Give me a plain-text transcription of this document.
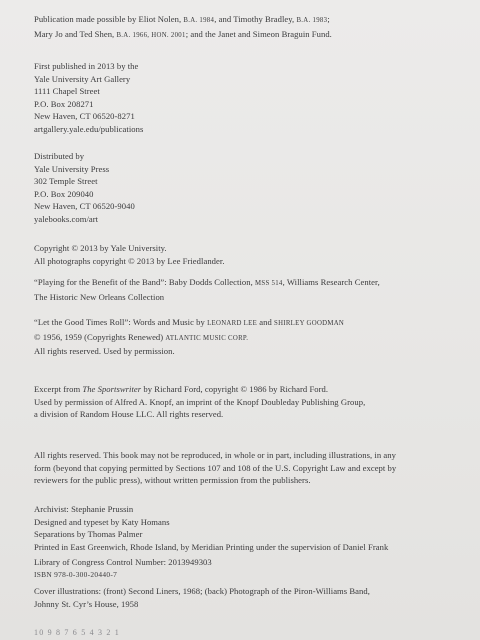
Publication made possible by Eliot Nolen, B.A. 1984, and Timothy Bradley, B.A. 1983;

Mary Jo and Ted Shen, B.A. 1966, HON. 2001; and the Janet and Simeon Braguin Fund.

First published in 2013 by the

Yale University Art Gallery

1111 Chapel Street

P.O. Box 208271

New Haven, CT 06520-8271

artgallery.yale.edu/publications

Distributed by

Yale University Press

302 Temple Street

P.O. Box 209040

New Haven, CT 06520-9040

yalebooks.com/art

Copyright © 2013 by Yale University.

All photographs copyright © 2013 by Lee Friedlander.

“Playing for the Benefit of the Band”: Baby Dodds Collection, MSS 514, Williams Research Center,

The Historic New Orleans Collection

“Let the Good Times Roll”: Words and Music by LEONARD LEE and SHIRLEY GOODMAN

© 1956, 1959 (Copyrights Renewed) ATLANTIC MUSIC CORP.

All rights reserved. Used by permission.

Excerpt from The Sportswriter by Richard Ford, copyright © 1986 by Richard Ford.

Used by permission of Alfred A. Knopf, an imprint of the Knopf Doubleday Publishing Group,

a division of Random House LLC. All rights reserved.

All rights reserved. This book may not be reproduced, in whole or in part, including illustrations, in any

form (beyond that copying permitted by Sections 107 and 108 of the U.S. Copyright Law and except by

reviewers for the public press), without written permission from the publishers.

Archivist: Stephanie Prussin

Designed and typeset by Katy Homans

Separations by Thomas Palmer

Printed in East Greenwich, Rhode Island, by Meridian Printing under the supervision of Daniel Frank

Library of Congress Control Number: 2013949303

ISBN 978-0-300-20440-7

Cover illustrations: (front) Second Liners, 1968; (back) Photograph of the Piron-Williams Band,

Johnny St. Cyr’s House, 1958

10 9 8 7 6 5 4 3 2 1
